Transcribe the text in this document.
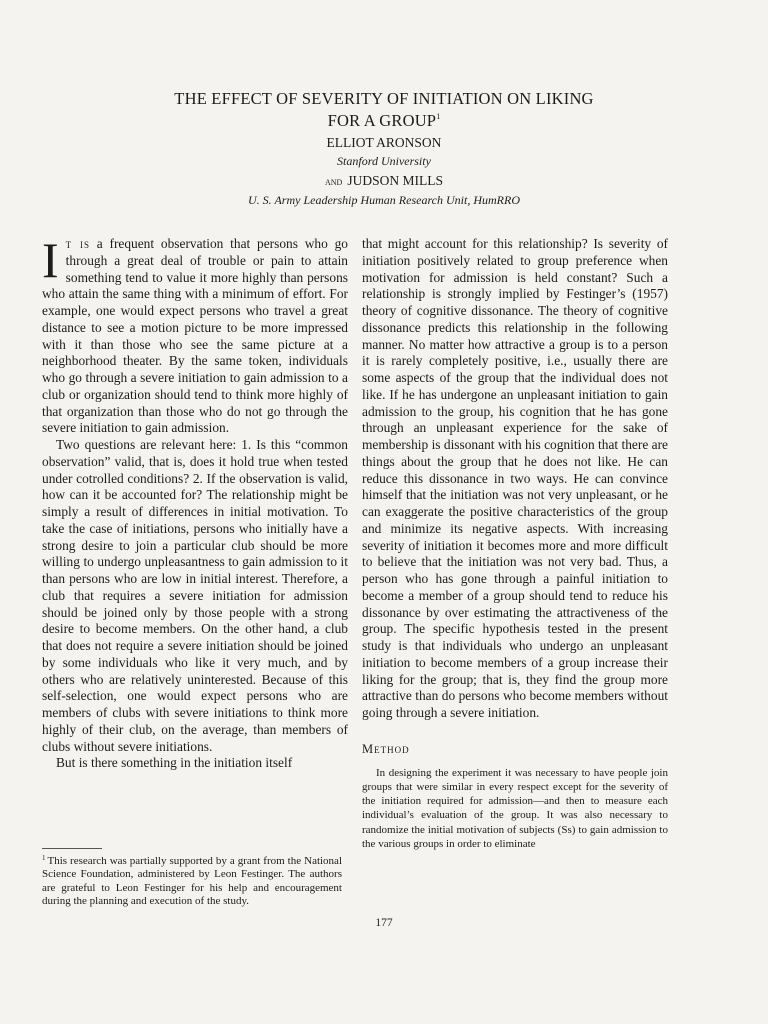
THE EFFECT OF SEVERITY OF INITIATION ON LIKING
FOR A GROUP$^1$
ELLIOT ARONSON
Stanford University
and JUDSON MILLS
U. S. Army Leadership Human Research Unit, HumRRO

It is a frequent observation that persons who go through a great deal of trouble or pain to attain something tend to value it more highly than persons who attain the same thing with a minimum of effort. For example, one would expect persons who travel a great distance to see a motion picture to be more impressed with it than those who see the same picture at a neighborhood theater. By the same token, individuals who go through a severe initiation to gain admission to a club or organization should tend to think more highly of that organization than those who do not go through the severe initiation to gain admission.

Two questions are relevant here: 1. Is this “common observation” valid, that is, does it hold true when tested under cotrolled conditions? 2. If the observation is valid, how can it be accounted for? The relationship might be simply a result of differences in initial motivation. To take the case of initiations, persons who initially have a strong desire to join a particular club should be more willing to undergo unpleasantness to gain admission to it than persons who are low in initial interest. Therefore, a club that requires a severe initiation for admission should be joined only by those people with a strong desire to become members. On the other hand, a club that does not require a severe initiation should be joined by some individuals who like it very much, and by others who are relatively uninterested. Because of this self-selection, one would expect persons who are members of clubs with severe initiations to think more highly of their club, on the average, than members of clubs without severe initiations.

But is there something in the initiation itself

that might account for this relationship? Is severity of initiation positively related to group preference when motivation for admission is held constant? Such a relationship is strongly implied by Festinger’s (1957) theory of cognitive dissonance. The theory of cognitive dissonance predicts this relationship in the following manner. No matter how attractive a group is to a person it is rarely completely positive, i.e., usually there are some aspects of the group that the individual does not like. If he has undergone an unpleasant initiation to gain admission to the group, his cognition that he has gone through an unpleasant experience for the sake of membership is dissonant with his cognition that there are things about the group that he does not like. He can reduce this dissonance in two ways. He can convince himself that the initiation was not very unpleasant, or he can exaggerate the positive characteristics of the group and minimize its negative aspects. With increasing severity of initiation it becomes more and more difficult to believe that the initiation was not very bad. Thus, a person who has gone through a painful initiation to become a member of a group should tend to reduce his dissonance by over estimating the attractiveness of the group. The specific hypothesis tested in the present study is that individuals who undergo an unpleasant initiation to become members of a group increase their liking for the group; that is, they find the group more attractive than do persons who become members without going through a severe initiation.

Method

In designing the experiment it was necessary to have people join groups that were similar in every respect except for the severity of the initiation required for admission—and then to measure each individual’s evaluation of the group. It was also necessary to randomize the initial motivation of subjects (Ss) to gain admission to the various groups in order to eliminate

$^1$ This research was partially supported by a grant from the National Science Foundation, administered by Leon Festinger. The authors are grateful to Leon Festinger for his help and encouragement during the planning and execution of the study.
177
